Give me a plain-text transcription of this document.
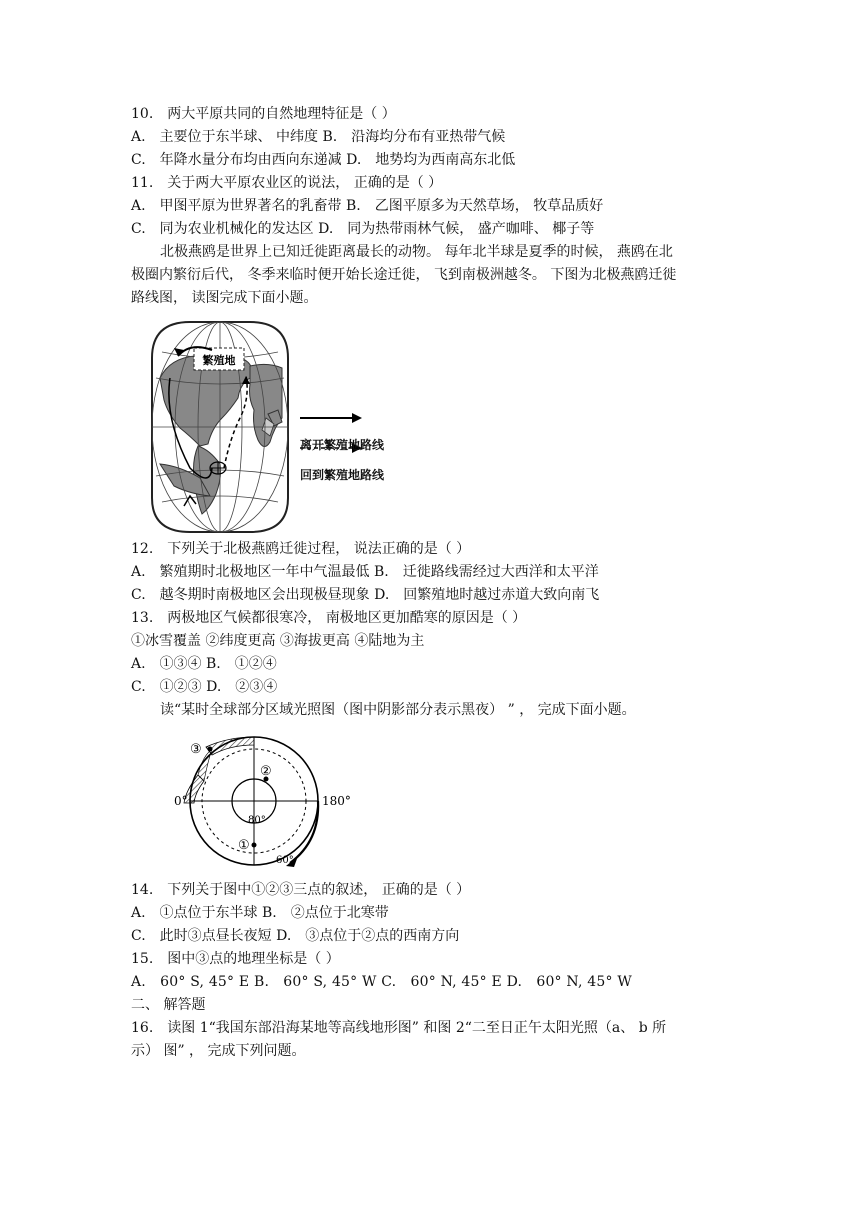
10.　两大平原共同的自然地理特征是（ ）
A.　主要位于东半球、 中纬度 B.　沿海均分布有亚热带气候
C.　年降水量分布均由西向东递减 D.　地势均为西南高东北低
11.　关于两大平原农业区的说法， 正确的是（ ）
A.　甲图平原为世界著名的乳畜带 B.　乙图平原多为天然草场， 牧草品质好
C.　同为农业机械化的发达区 D.　同为热带雨林气候， 盛产咖啡、 椰子等
北极燕鸥是世界上已知迁徙距离最长的动物。 每年北半球是夏季的时候， 燕鸥在北
极圈内繁衍后代， 冬季来临时便开始长途迁徙， 飞到南极洲越冬。 下图为北极燕鸥迁徙
路线图， 读图完成下面小题。
繁殖地
离开繁殖地路线
回到繁殖地路线
12.　下列关于北极燕鸥迁徙过程， 说法正确的是（ ）
A.　繁殖期时北极地区一年中气温最低 B.　迁徙路线需经过大西洋和太平洋
C.　越冬期时南极地区会出现极昼现象 D.　回繁殖地时越过赤道大致向南飞
13.　两极地区气候都很寒冷， 南极地区更加酷寒的原因是（ ）
①冰雪覆盖 ②纬度更高 ③海拔更高 ④陆地为主
A.　①③④ B.　①②④
C.　①②③ D.　②③④
读“某时全球部分区域光照图（图中阴影部分表示黑夜） ” ， 完成下面小题。
0°	180°
80°
60°
③
②
①
14.　下列关于图中①②③三点的叙述， 正确的是（ ）
A.　①点位于东半球 B.　②点位于北寒带
C.　此时③点昼长夜短 D.　③点位于②点的西南方向
15.　图中③点的地理坐标是（ ）
A.　60° S, 45° E B.　60° S, 45° W C.　60° N, 45° E D.　60° N, 45° W
二、 解答题
16.　读图 1“我国东部沿海某地等高线地形图” 和图 2“二至日正午太阳光照（a、 b 所
示） 图” ， 完成下列问题。
